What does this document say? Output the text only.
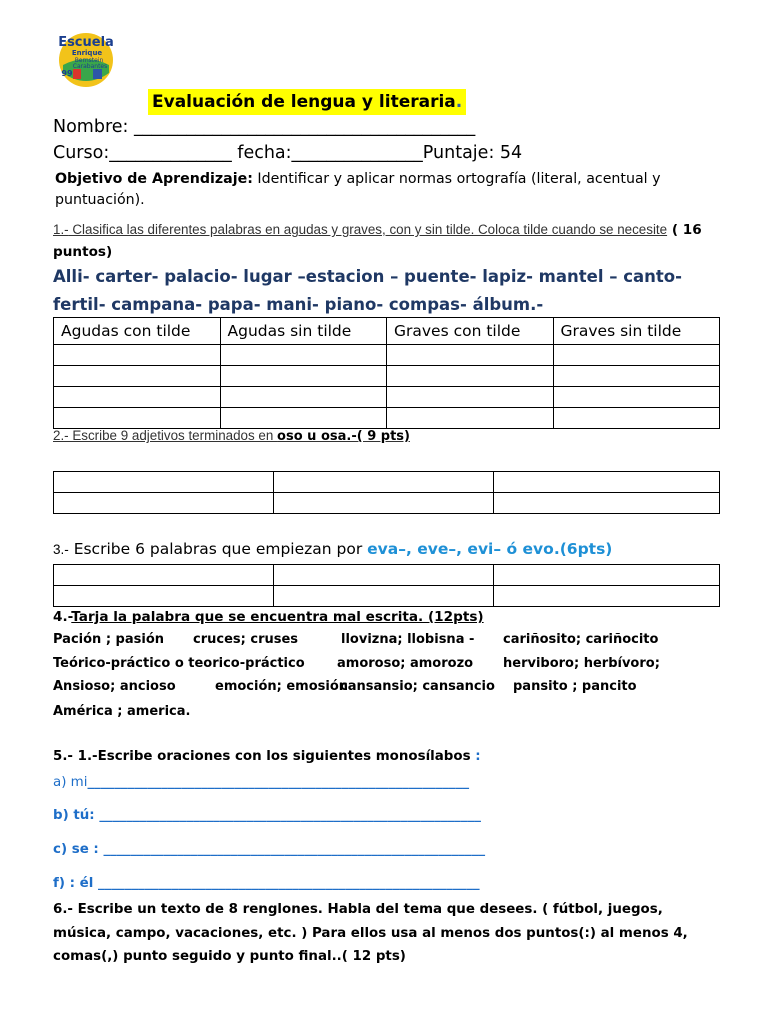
Escuela
Enrique
Bernstein
Carabantes
99
Evaluación de lengua y literaria.
Nombre: _______________________________________
Curso:______________ fecha:_______________Puntaje: 54
Objetivo de Aprendizaje: Identificar y aplicar normas ortografía (literal, acentual y puntuación).
1.- Clasifica las diferentes palabras en agudas y graves, con y sin tilde. Coloca tilde cuando se necesite ( 16 puntos)
Alli- carter- palacio- lugar –estacion – puente- lapiz- mantel – canto- fertil- campana- papa- mani- piano- compas- álbum.-
Agudas con tilde	Agudas sin tilde	Graves con tilde	Graves sin tilde

2.- Escribe 9 adjetivos terminados en oso u osa.-( 9 pts)

3.- Escribe 6 palabras que empiezan por eva–, eve–, evi– ó evo.(6pts)

4.-Tarja la palabra que se encuentra mal escrita. (12pts)
Pación ; pasión cruces; cruses	llovizna; llobisna - cariñosito; cariñocito
Teórico-práctico o teorico-práctico amoroso; amorozo herviboro; herbívoro;
Ansioso; ancioso	emoción; emosión
cansansio; cansancio pansito ; pancito
América ; america.
5.- 1.-Escribe oraciones con los siguientes monosílabos :
a) mi_________________________________________________________
b) tú: _________________________________________________________
c) se : _________________________________________________________
f) : él _________________________________________________________
6.- Escribe un texto de 8 renglones. Habla del tema que desees. ( fútbol, juegos, música, campo, vacaciones, etc. ) Para ellos usa al menos dos puntos(:) al menos 4, comas(,) punto seguido y punto final..( 12 pts)
